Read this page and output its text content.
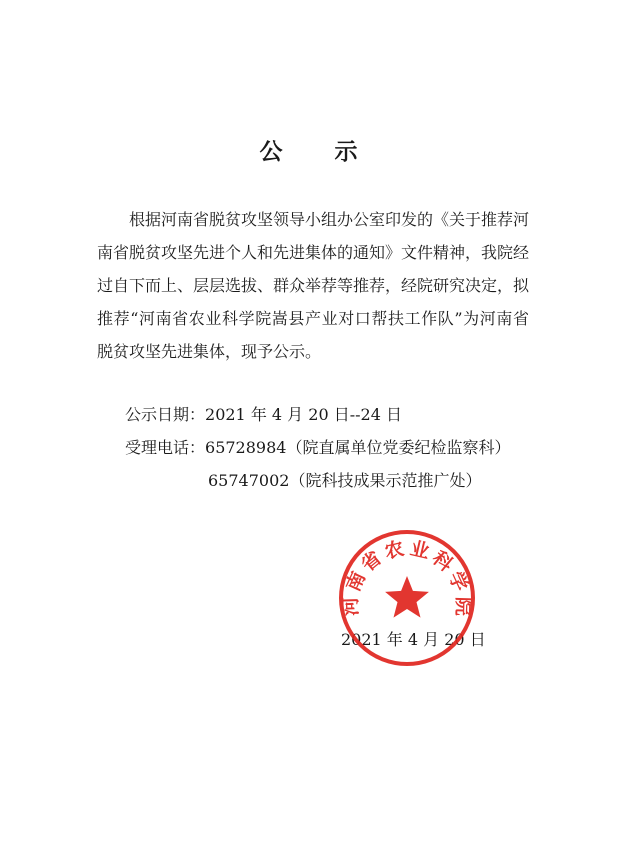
公 示

根据河南省脱贫攻坚领导小组办公室印发的《关于推荐河南省脱贫攻坚先进个人和先进集体的通知》文件精神，我院经过自下而上、层层选拔、群众举荐等推荐，经院研究决定，拟推荐“河南省农业科学院嵩县产业对口帮扶工作队”为河南省脱贫攻坚先进集体，现予公示。

公示日期：2021 年 4 月 20 日--24 日
受理电话：65728984（院直属单位党委纪检监察科）
65747002（院科技成果示范推广处）
2021 年 4 月 20 日
河 南 省 农 业 科 学 院
